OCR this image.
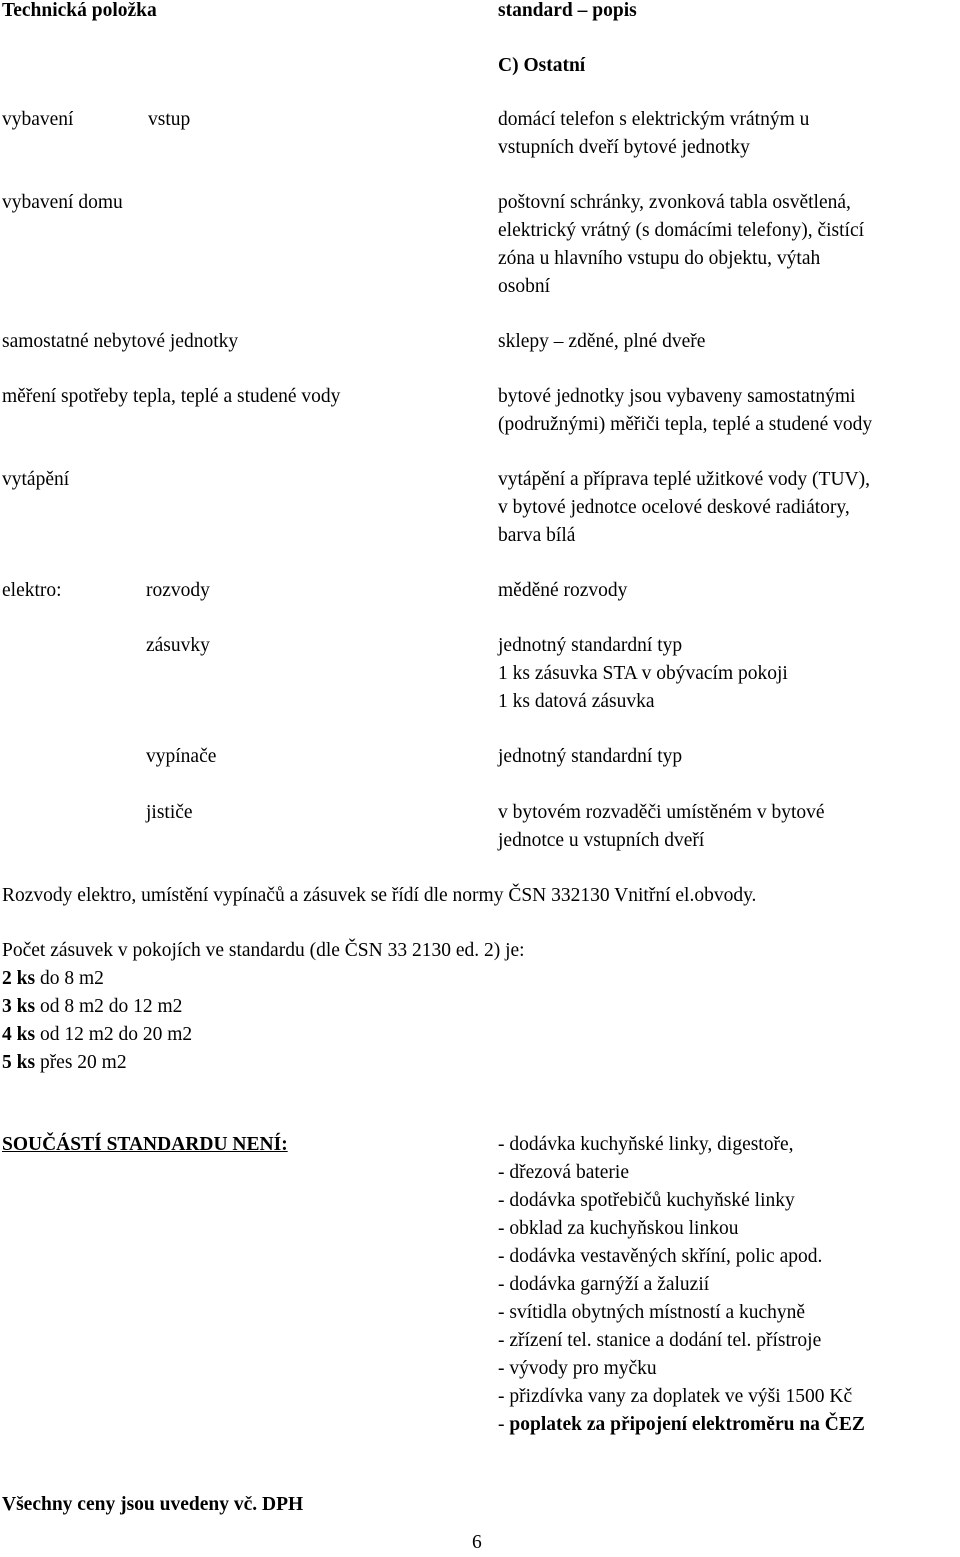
Technická položka	standard – popis
C) Ostatní
vybavení	vstup	domácí telefon s elektrickým vrátným u
vstupních dveří bytové jednotky
vybavení domu	poštovní schránky, zvonková tabla osvětlená,
elektrický vrátný (s domácími telefony), čistící
zóna u hlavního vstupu do objektu, výtah
osobní
samostatné nebytové jednotky	sklepy – zděné, plné dveře
měření spotřeby tepla, teplé a studené vody	bytové jednotky jsou vybaveny samostatnými
(podružnými) měřiči tepla, teplé a studené vody
vytápění	vytápění a příprava teplé užitkové vody (TUV),
v bytové jednotce ocelové deskové radiátory,
barva bílá
elektro:	rozvody	měděné rozvody
zásuvky	jednotný standardní typ
1 ks zásuvka STA v obývacím pokoji
1 ks datová zásuvka
vypínače	jednotný standardní typ
jističe	v bytovém rozvaděči umístěném v bytové
jednotce u vstupních dveří
Rozvody elektro, umístění vypínačů a zásuvek se řídí dle normy ČSN 332130 Vnitřní el.obvody.
Počet zásuvek v pokojích ve standardu (dle ČSN 33 2130 ed. 2) je:
2 ks do 8 m2
3 ks od 8 m2 do 12 m2
4 ks od 12 m2 do 20 m2
5 ks přes 20 m2
SOUČÁSTÍ STANDARDU NENÍ:	- dodávka kuchyňské linky, digestoře,
- dřezová baterie
- dodávka spotřebičů kuchyňské linky
- obklad za kuchyňskou linkou
- dodávka vestavěných skříní, polic apod.
- dodávka garnýží a žaluzií
- svítidla obytných místností a kuchyně
- zřízení tel. stanice a dodání tel. přístroje
- vývody pro myčku
- přizdívka vany za doplatek ve výši 1500 Kč
- poplatek za připojení elektroměru na ČEZ
Všechny ceny jsou uvedeny vč. DPH
6
